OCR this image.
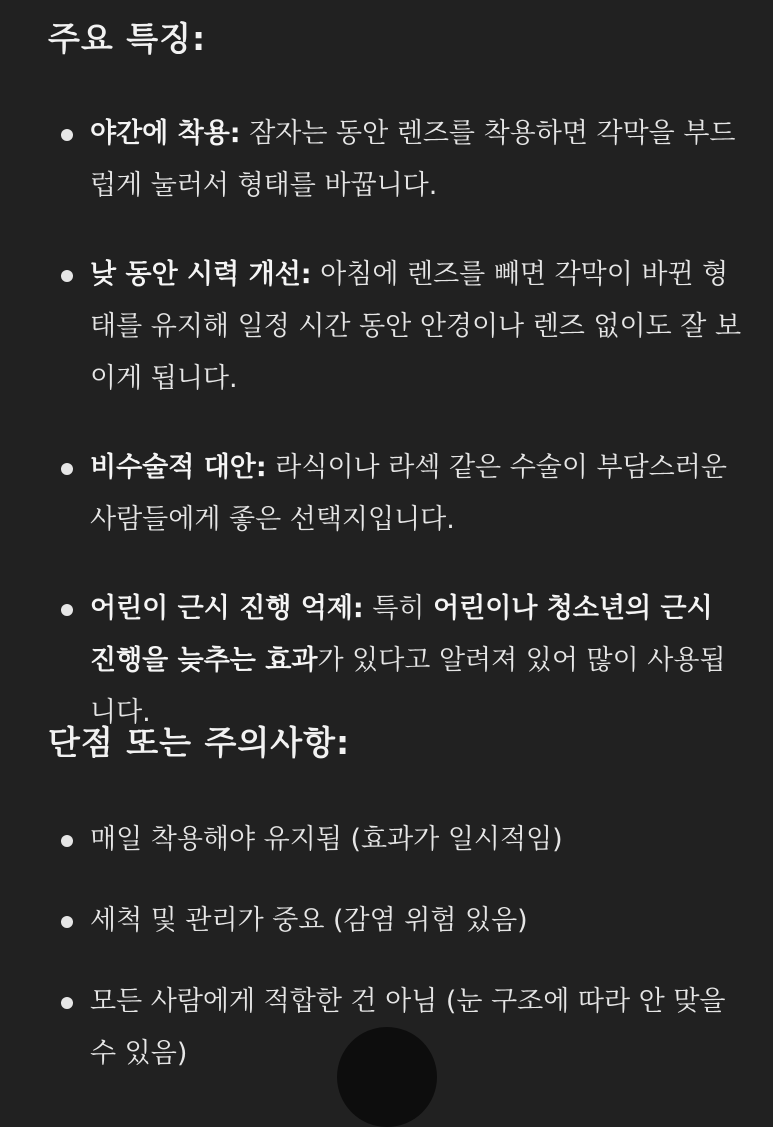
주요 특징:
야간에 착용: 잠자는 동안 렌즈를 착용하면 각막을 부드럽게 눌러서 형태를 바꿉니다.
낮 동안 시력 개선: 아침에 렌즈를 빼면 각막이 바뀐 형태를 유지해 일정 시간 동안 안경이나 렌즈 없이도 잘 보이게 됩니다.
비수술적 대안: 라식이나 라섹 같은 수술이 부담스러운 사람들에게 좋은 선택지입니다.
어린이 근시 진행 억제: 특히 어린이나 청소년의 근시 진행을 늦추는 효과가 있다고 알려져 있어 많이 사용됩니다.
단점 또는 주의사항:
매일 착용해야 유지됨 (효과가 일시적임)
세척 및 관리가 중요 (감염 위험 있음)
모든 사람에게 적합한 건 아님 (눈 구조에 따라 안 맞을 수 있음)
